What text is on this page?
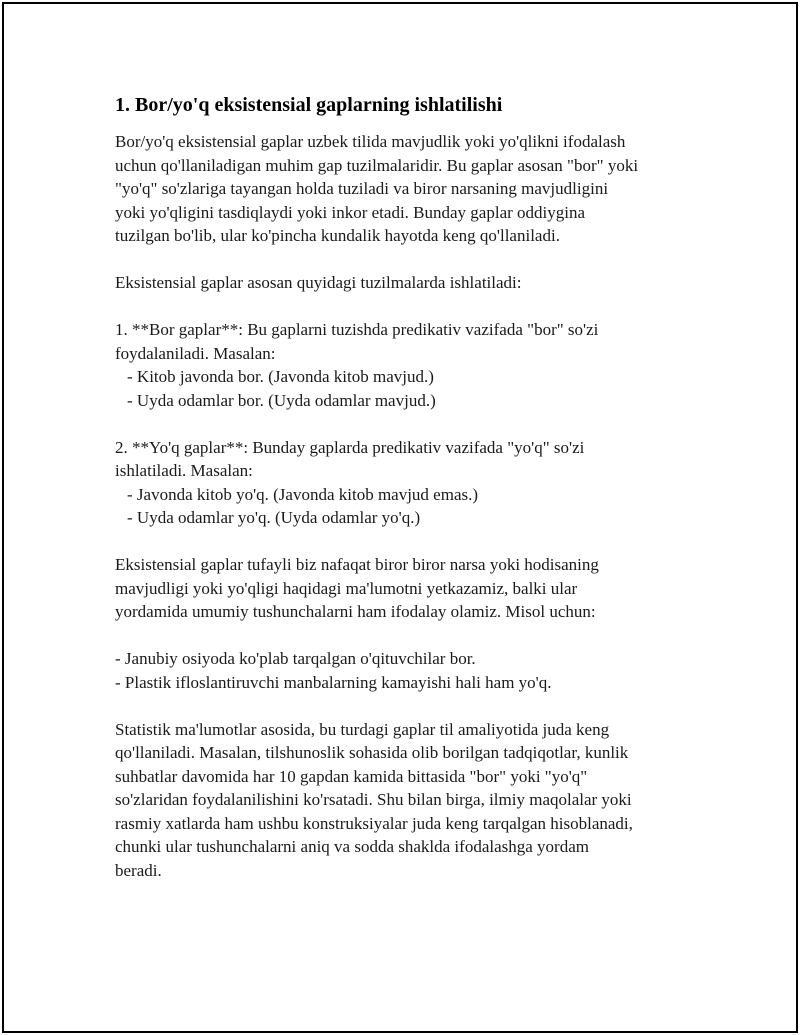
1. Bor/yo'q eksistensial gaplarning ishlatilishi

Bor/yo'q eksistensial gaplar uzbek tilida mavjudlik yoki yo'qlikni ifodalash

uchun qo'llaniladigan muhim gap tuzilmalaridir. Bu gaplar asosan "bor" yoki

"yo'q" so'zlariga tayangan holda tuziladi va biror narsaning mavjudligini

yoki yo'qligini tasdiqlaydi yoki inkor etadi. Bunday gaplar oddiygina

tuzilgan bo'lib, ular ko'pincha kundalik hayotda keng qo'llaniladi.

Eksistensial gaplar asosan quyidagi tuzilmalarda ishlatiladi:

1. **Bor gaplar**: Bu gaplarni tuzishda predikativ vazifada "bor" so'zi

foydalaniladi. Masalan:

- Kitob javonda bor. (Javonda kitob mavjud.)

- Uyda odamlar bor. (Uyda odamlar mavjud.)

2. **Yo'q gaplar**: Bunday gaplarda predikativ vazifada "yo'q" so'zi

ishlatiladi. Masalan:

- Javonda kitob yo'q. (Javonda kitob mavjud emas.)

- Uyda odamlar yo'q. (Uyda odamlar yo'q.)

Eksistensial gaplar tufayli biz nafaqat biror biror narsa yoki hodisaning

mavjudligi yoki yo'qligi haqidagi ma'lumotni yetkazamiz, balki ular

yordamida umumiy tushunchalarni ham ifodalay olamiz. Misol uchun:

- Janubiy osiyoda ko'plab tarqalgan o'qituvchilar bor.

- Plastik ifloslantiruvchi manbalarning kamayishi hali ham yo'q.

Statistik ma'lumotlar asosida, bu turdagi gaplar til amaliyotida juda keng

qo'llaniladi. Masalan, tilshunoslik sohasida olib borilgan tadqiqotlar, kunlik

suhbatlar davomida har 10 gapdan kamida bittasida "bor" yoki "yo'q"

so'zlaridan foydalanilishini ko'rsatadi. Shu bilan birga, ilmiy maqolalar yoki

rasmiy xatlarda ham ushbu konstruksiyalar juda keng tarqalgan hisoblanadi,

chunki ular tushunchalarni aniq va sodda shaklda ifodalashga yordam

beradi.
